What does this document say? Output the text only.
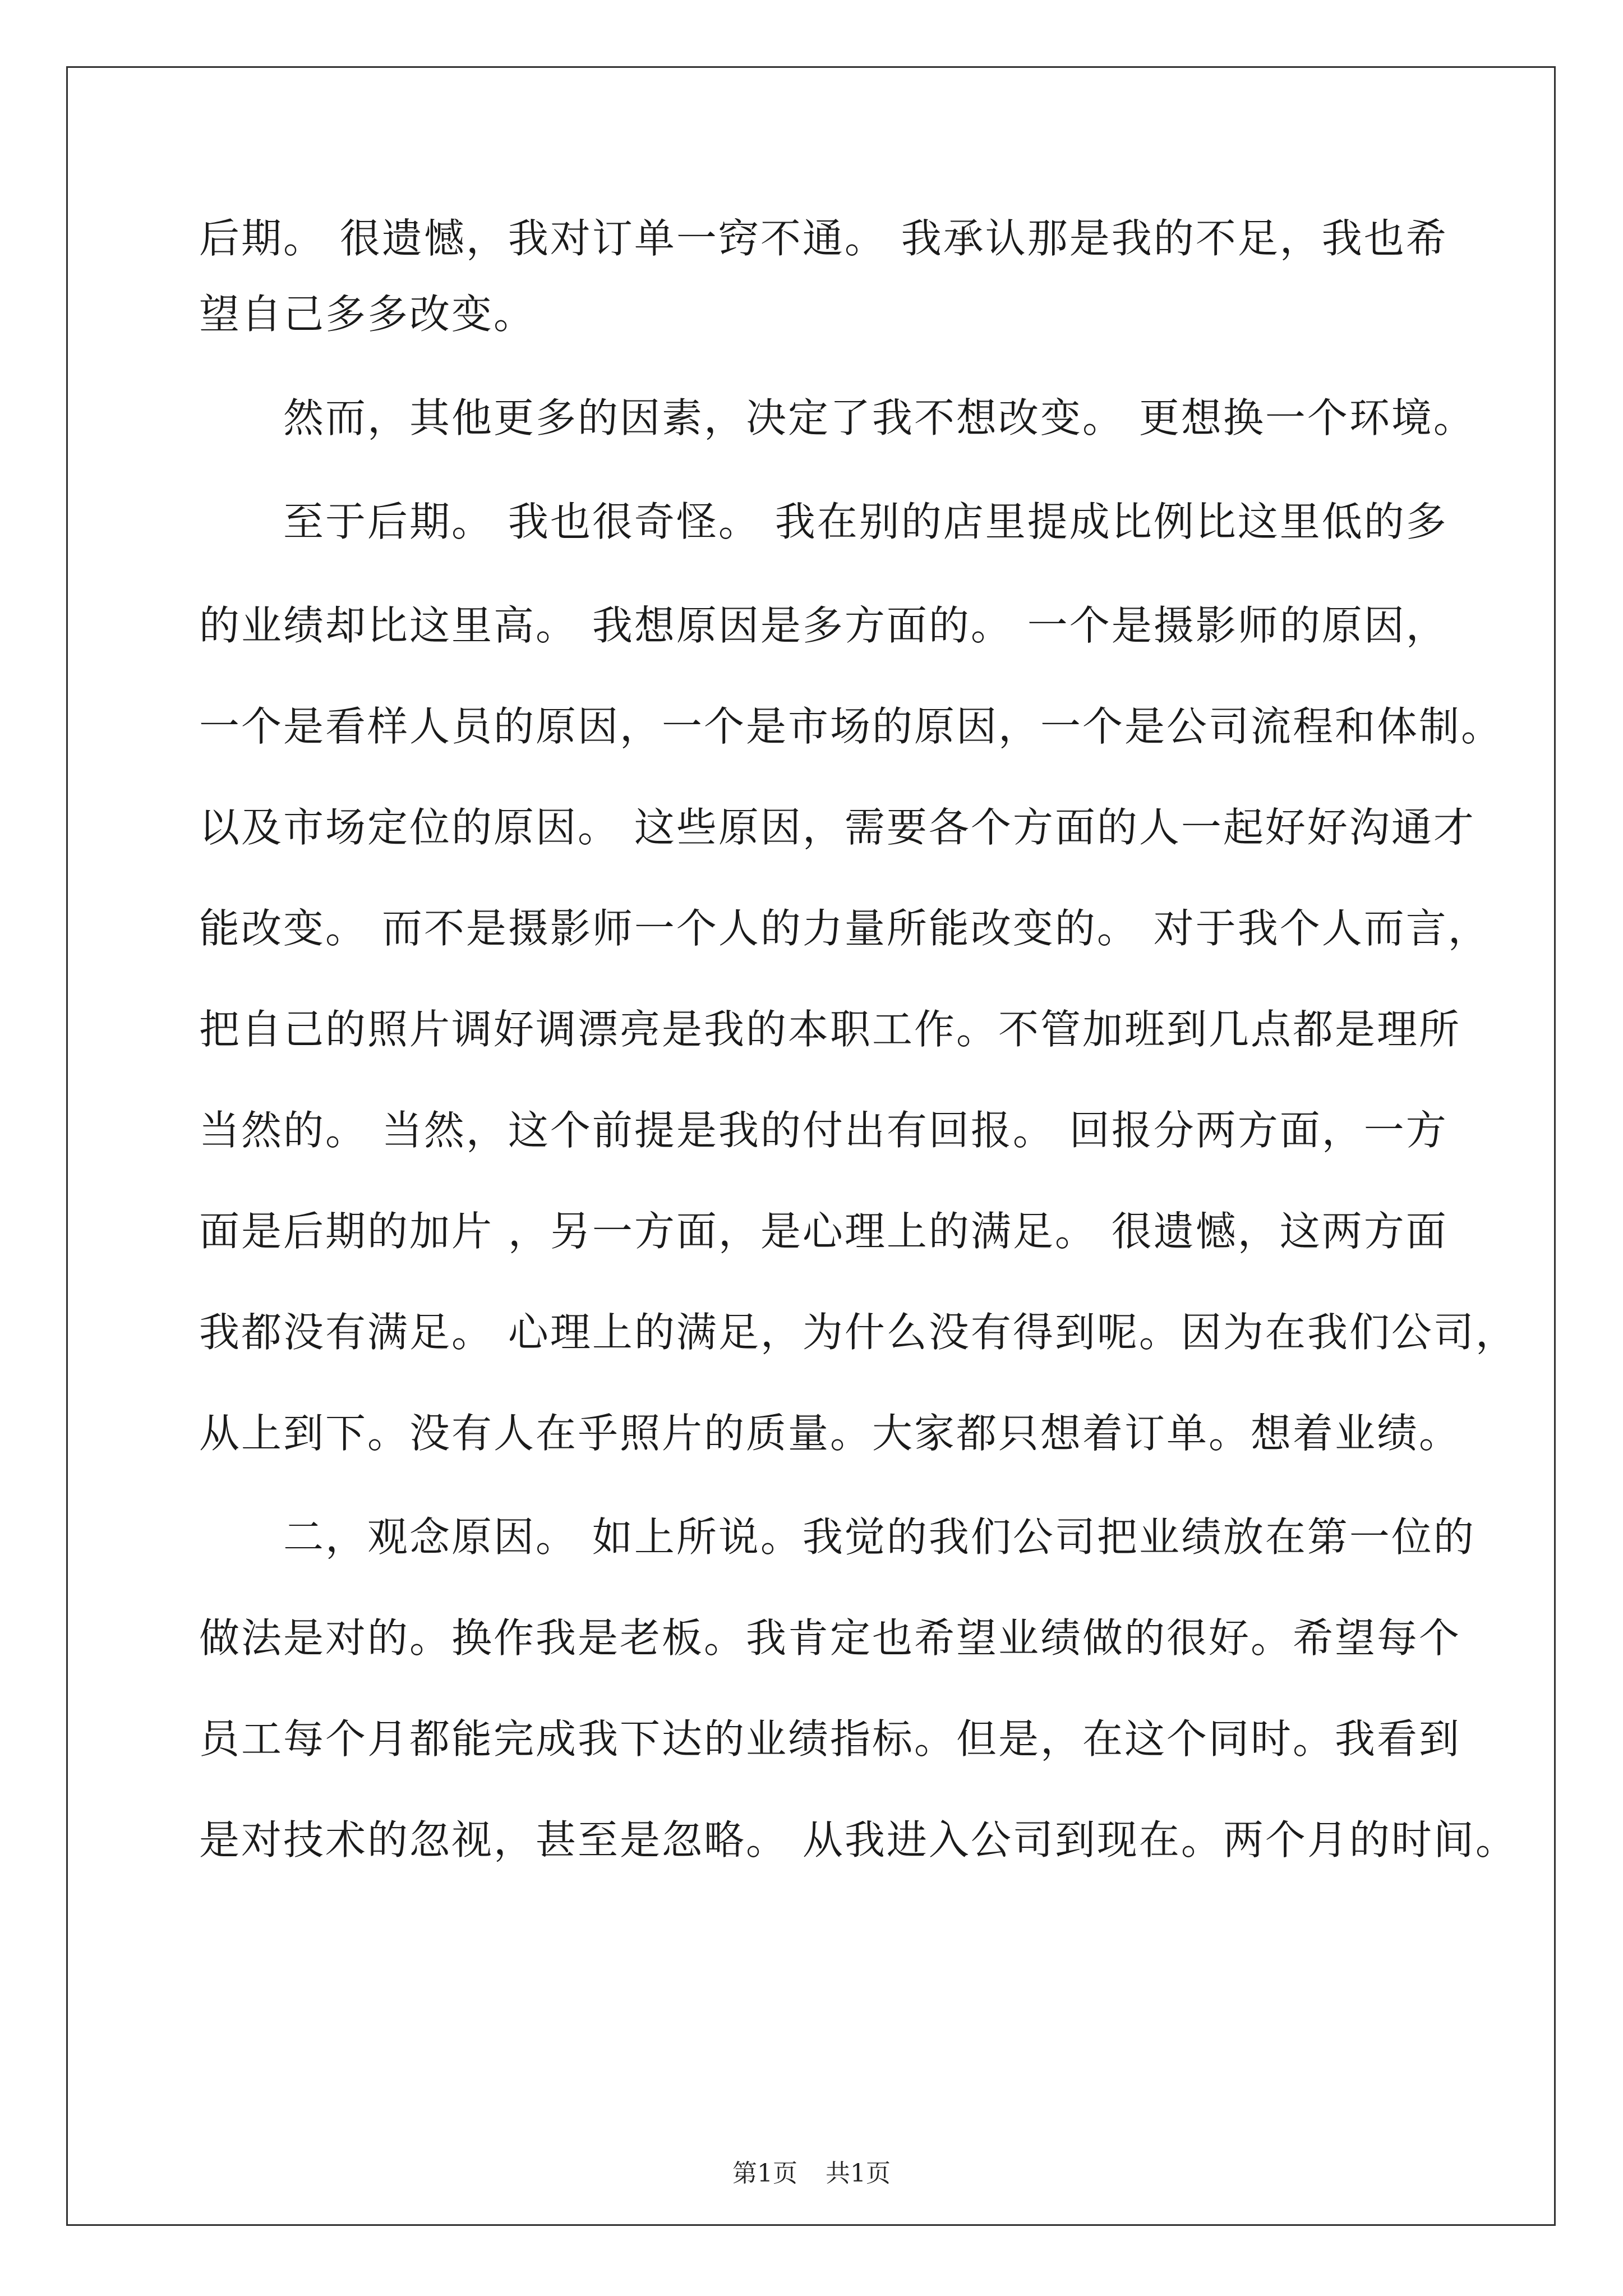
后期。 很遗憾，我对订单一窍不通。 我承认那是我的不足，我也希
望自己多多改变。
然而，其他更多的因素，决定了我不想改变。 更想换一个环境。
至于后期。 我也很奇怪。 我在别的店里提成比例比这里低的多
的业绩却比这里高。 我想原因是多方面的。 一个是摄影师的原因，
一个是看样人员的原因，一个是市场的原因，一个是公司流程和体制。
以及市场定位的原因。 这些原因，需要各个方面的人一起好好沟通才
能改变。 而不是摄影师一个人的力量所能改变的。 对于我个人而言，
把自己的照片调好调漂亮是我的本职工作。不管加班到几点都是理所
当然的。 当然，这个前提是我的付出有回报。 回报分两方面，一方
面是后期的加片 ，另一方面，是心理上的满足。 很遗憾，这两方面
我都没有满足。 心理上的满足，为什么没有得到呢。因为在我们公司，
从上到下。没有人在乎照片的质量。大家都只想着订单。想着业绩。
二，观念原因。 如上所说。我觉的我们公司把业绩放在第一位的
做法是对的。换作我是老板。我肯定也希望业绩做的很好。希望每个
员工每个月都能完成我下达的业绩指标。但是，在这个同时。我看到
是对技术的忽视，甚至是忽略。 从我进入公司到现在。两个月的时间。
第1页 共1页
